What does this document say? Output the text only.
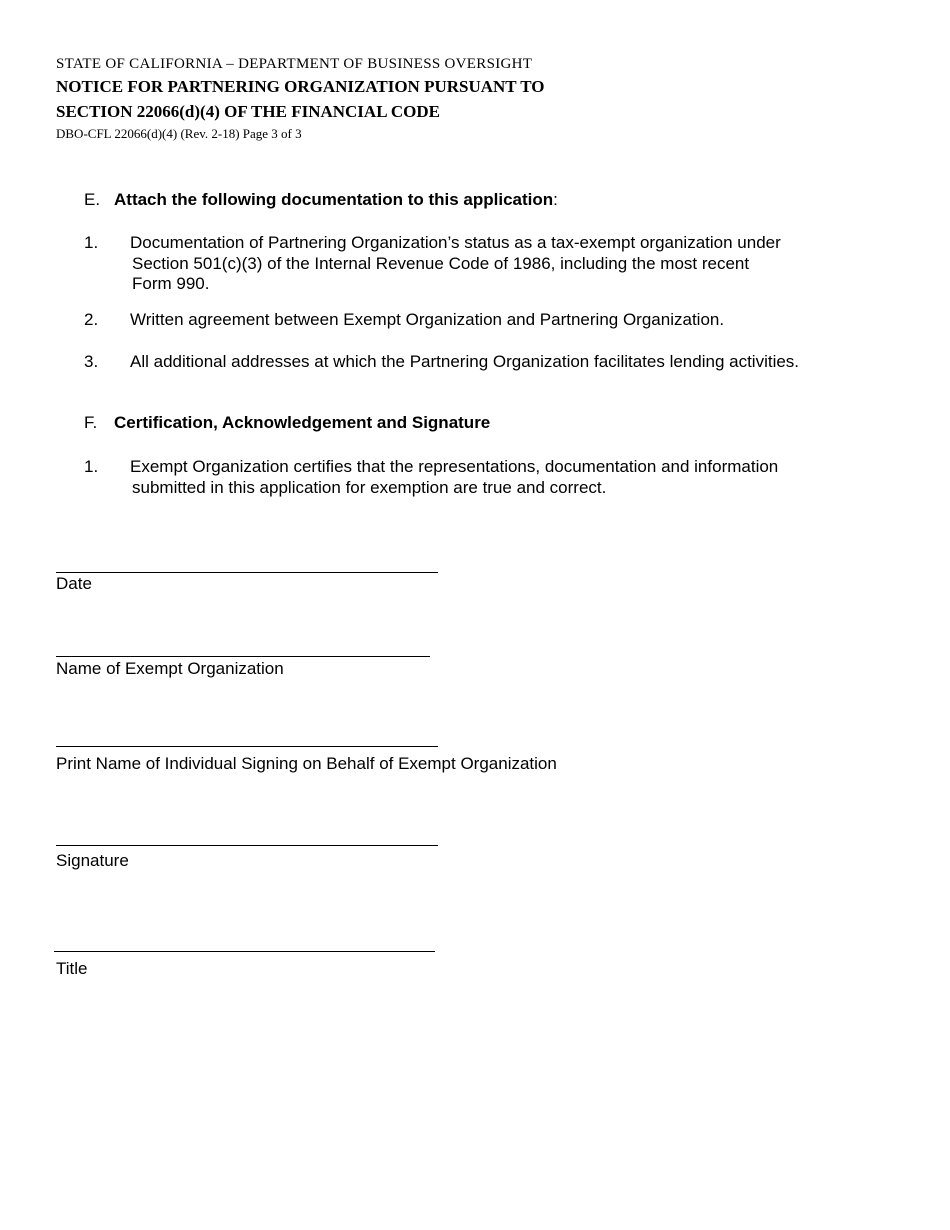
STATE OF CALIFORNIA – DEPARTMENT OF BUSINESS OVERSIGHT
NOTICE FOR PARTNERING ORGANIZATION PURSUANT TO
SECTION 22066(d)(4) OF THE FINANCIAL CODE
DBO-CFL 22066(d)(4) (Rev. 2-18) Page 3 of 3
E. Attach the following documentation to this application:
1. Documentation of Partnering Organization’s status as a tax-exempt organization under
Section 501(c)(3) of the Internal Revenue Code of 1986, including the most recent
Form 990.
2. Written agreement between Exempt Organization and Partnering Organization.
3. All additional addresses at which the Partnering Organization facilitates lending activities.
F. Certification, Acknowledgement and Signature
1. Exempt Organization certifies that the representations, documentation and information
submitted in this application for exemption are true and correct.
Date
Name of Exempt Organization
Print Name of Individual Signing on Behalf of Exempt Organization
Signature
Title
